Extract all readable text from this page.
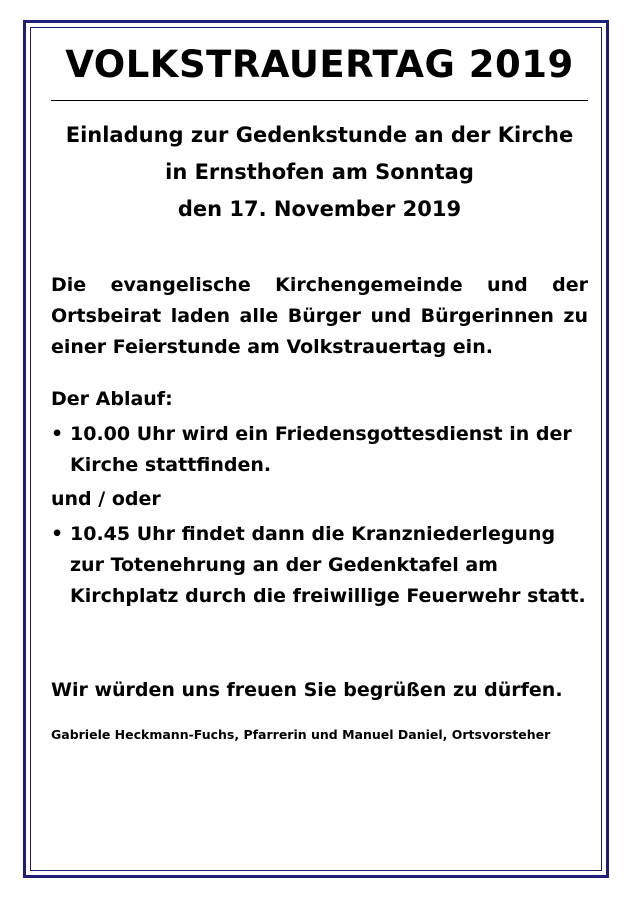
VOLKSTRAUERTAG 2019
Einladung zur Gedenkstunde an der Kirche
in Ernsthofen am Sonntag
den 17. November 2019

Die evangelische Kirchengemeinde und der Ortsbeirat laden alle Bürger und Bürgerinnen zu einer Feierstunde am Volkstrauertag ein.

Der Ablauf:

• 10.00 Uhr wird ein Friedensgottesdienst in der
Kirche stattfinden.

und / oder

• 10.45 Uhr findet dann die Kranzniederlegung
zur Totenehrung an der Gedenktafel am
Kirchplatz durch die freiwillige Feuerwehr statt.

Wir würden uns freuen Sie begrüßen zu dürfen.

Gabriele Heckmann-Fuchs, Pfarrerin und Manuel Daniel, Ortsvorsteher
